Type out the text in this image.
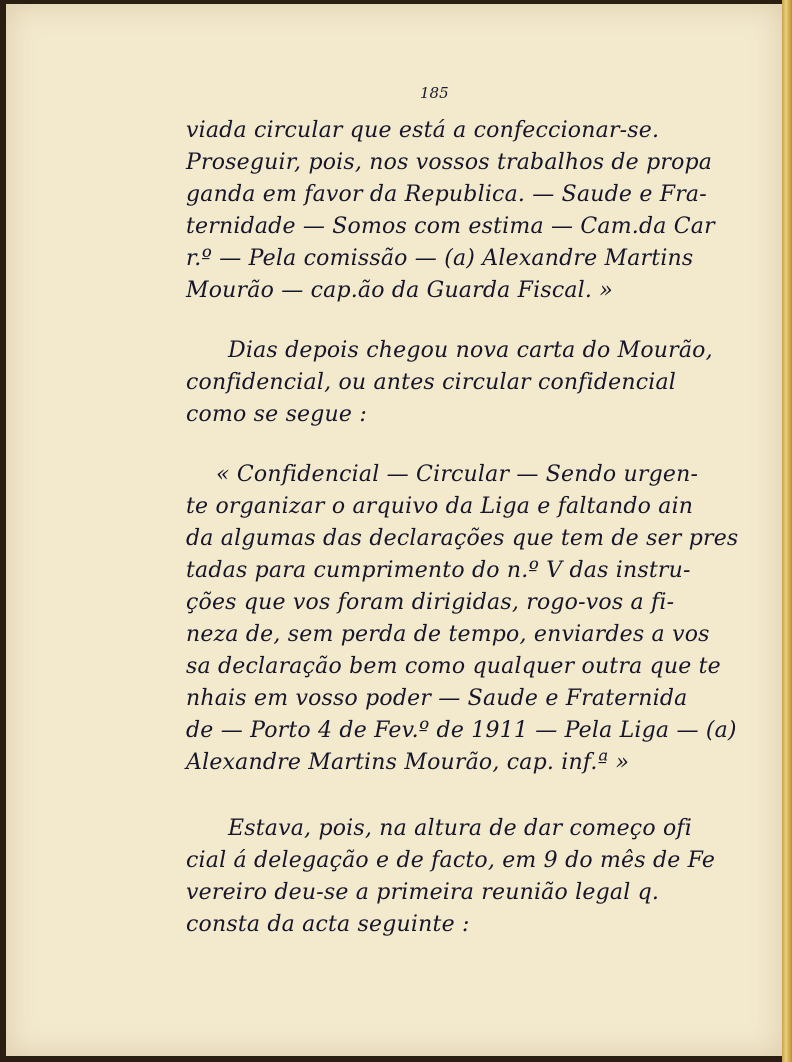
185
viada circular que está a confeccionar-se.
Proseguir, pois, nos vossos trabalhos de propa
ganda em favor da Republica. — Saude e Fra-
ternidade — Somos com estima — Cam.da Car
r.º — Pela comissão — (a) Alexandre Martins
Mourão — cap.ão da Guarda Fiscal. »
Dias depois chegou nova carta do Mourão,
confidencial, ou antes circular confidencial
como se segue :
« Confidencial — Circular — Sendo urgen-
te organizar o arquivo da Liga e faltando ain
da algumas das declarações que tem de ser pres
tadas para cumprimento do n.º V das instru-
ções que vos foram dirigidas, rogo-vos a fi-
neza de, sem perda de tempo, enviardes a vos
sa declaração bem como qualquer outra que te
nhais em vosso poder — Saude e Fraternida
de — Porto 4 de Fev.º de 1911 — Pela Liga — (a)
Alexandre Martins Mourão, cap. inf.ª »
Estava, pois, na altura de dar começo ofi
cial á delegação e de facto, em 9 do mês de Fe
vereiro deu-se a primeira reunião legal q.
consta da acta seguinte :
